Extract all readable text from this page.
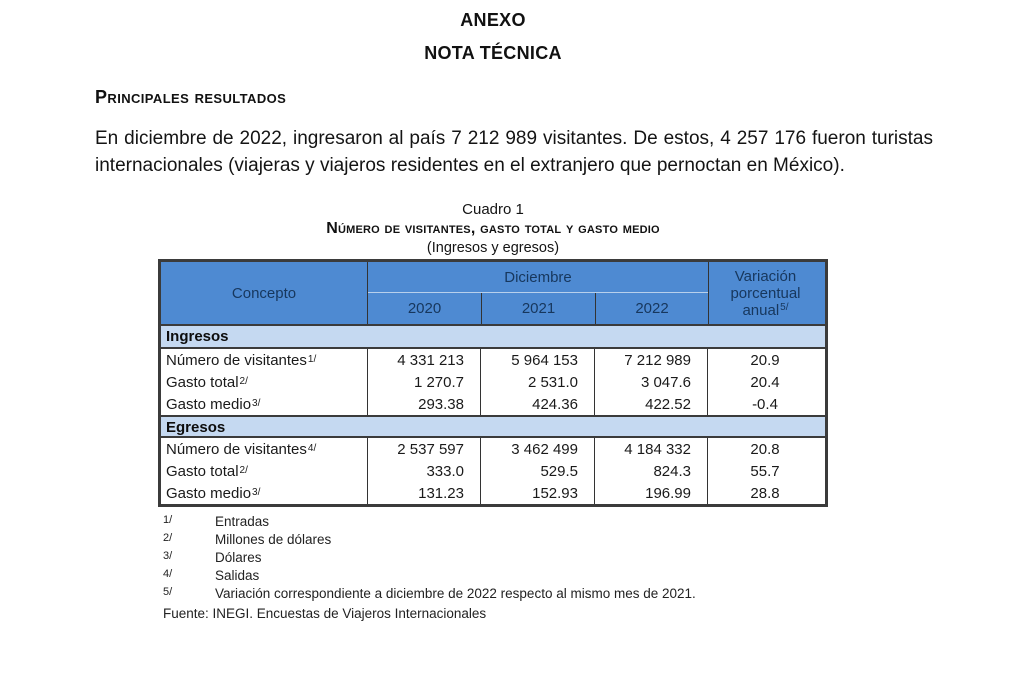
ANEXO
NOTA TÉCNICA
Principales resultados

En diciembre de 2022, ingresaron al país 7 212 989 visitantes. De estos, 4 257 176 fueron turistas internacionales (viajeras y viajeros residentes en el extranjero que pernoctan en México).

Cuadro 1
Número de visitantes, gasto total y gasto medio
(Ingresos y egresos)
Concepto
Diciembre
2020	2021	2022
Variación
porcentual
anual$^{5/}$
Ingresos
Número de visitantes 1/	4 331 213	5 964 153	7 212 989	20.9
Gasto total 2/	1 270.7	2 531.0	3 047.6	20.4
Gasto medio 3/	293.38	424.36	422.52	-0.4
Egresos
Número de visitantes 4/	2 537 597	3 462 499	4 184 332	20.8
Gasto total 2/	333.0	529.5	824.3	55.7
Gasto medio 3/	131.23	152.93	196.99	28.8
1/	Entradas
2/	Millones de dólares
3/	Dólares
4/	Salidas
5/	Variación correspondiente a diciembre de 2022 respecto al mismo mes de 2021.
Fuente: INEGI. Encuestas de Viajeros Internacionales
